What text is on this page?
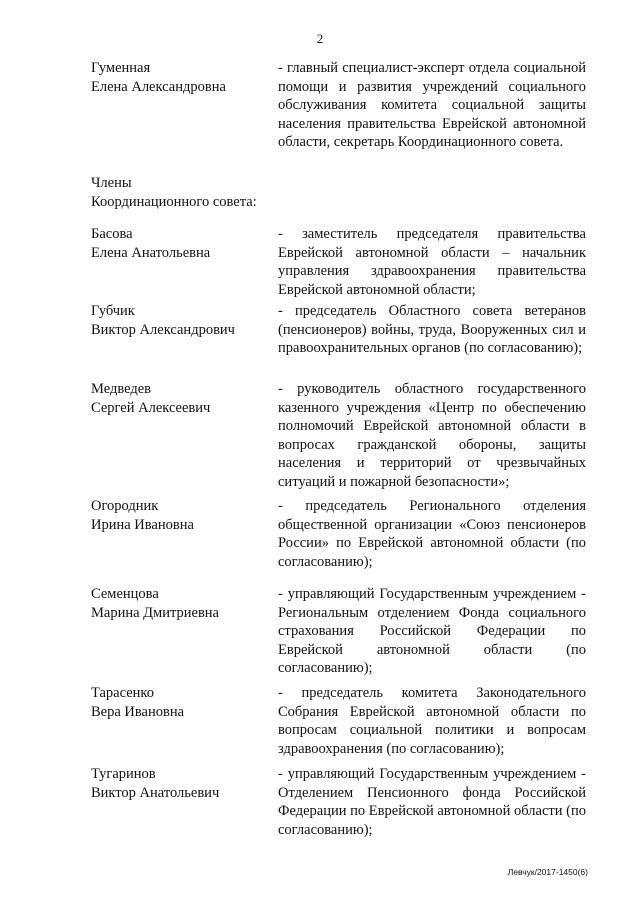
2
Гуменная
Елена Александровна
- главный специалист-эксперт отдела социальной помощи и развития учреждений социального обслуживания комитета социальной защиты населения правительства Еврейской автономной области, секретарь Координационного совета.
Члены
Координационного совета:
Басова
Елена Анатольевна
- заместитель председателя правительства Еврейской автономной области – начальник управления здравоохранения правительства Еврейской автономной области;
Губчик
Виктор Александрович
- председатель Областного совета ветеранов (пенсионеров) войны, труда, Вооруженных сил и правоохранительных органов (по согласованию);
Медведев
Сергей Алексеевич
- руководитель областного государственного казенного учреждения «Центр по обеспечению полномочий Еврейской автономной области в вопросах гражданской обороны, защиты населения и территорий от чрезвычайных ситуаций и пожарной безопасности»;
Огородник
Ирина Ивановна
- председатель Регионального отделения общественной организации «Союз пенсионеров России» по Еврейской автономной области (по согласованию);
Семенцова
Марина Дмитриевна
- управляющий Государственным учреждением - Региональным отделением Фонда социального страхования Российской Федерации по Еврейской автономной области (по согласованию);
Тарасенко
Вера Ивановна
- председатель комитета Законодательного Собрания Еврейской автономной области по вопросам социальной политики и вопросам здравоохранения (по согласованию);
Тугаринов
Виктор Анатольевич
- управляющий Государственным учреждением - Отделением Пенсионного фонда Российской Федерации по Еврейской автономной области (по согласованию);
Левчук/2017-1450(6)
